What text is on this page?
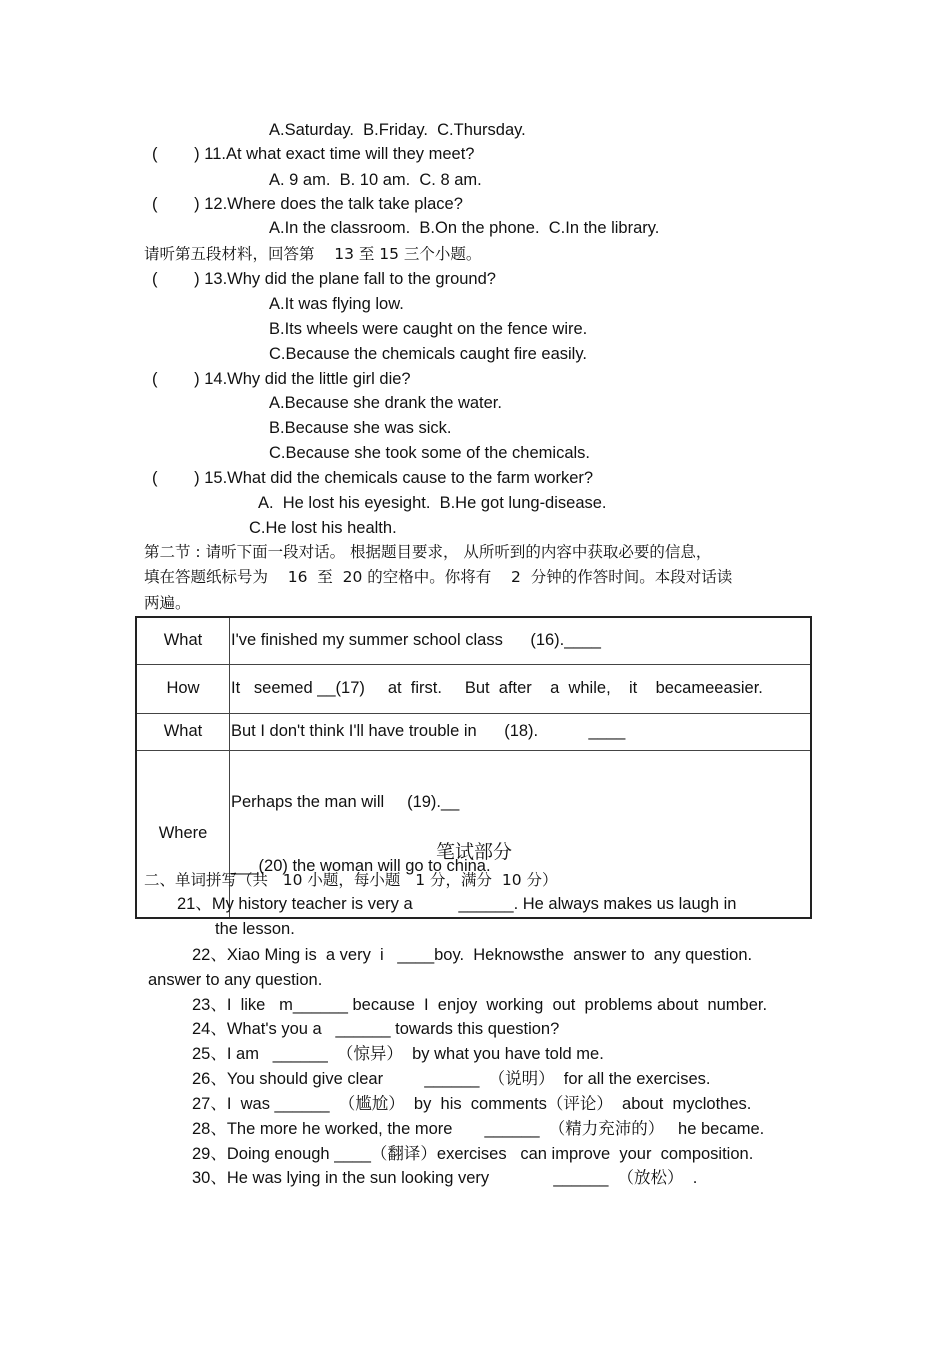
A.Saturday.  B.Friday.  C.Thursday.
(        ) 11.At what exact time will they meet?
A. 9 am.  B. 10 am.  C. 8 am.
(        ) 12.Where does the talk take place?
A.In the classroom.  B.On the phone.  C.In the library.
请听第五段材料，回答第    13 至 15 三个小题。
(        ) 13.Why did the plane fall to the ground?
A.It was flying low.
B.Its wheels were caught on the fence wire.
C.Because the chemicals caught fire easily.
(        ) 14.Why did the little girl die?
A.Because she drank the water.
B.Because she was sick.
C.Because she took some of the chemicals.
(        ) 15.What did the chemicals cause to the farm worker?
A.  He lost his eyesight.  B.He got lung-disease.
C.He lost his health.
第二节 : 请听下面一段对话。 根据题目要求， 从所听到的内容中获取必要的信息，
填在答题纸标号为    16  至  20 的空格中。你将有    2  分钟的作答时间。本段对话读
两遍。
What	I've finished my summer school class      (16).____
How	It   seemed __(17)     at  first.     But  after    a  while,    it    becameeasier.
What	But I don't think I'll have trouble in      (18).           ____
Where	Perhaps the man will     (19).__

___(20) the woman will go to china.

笔试部分
二、单词拼写（共   10 小题，每小题   1 分，满分  10 分）
21、My history teacher is very a          ______. He always makes us laugh in
the lesson.
22、Xiao Ming is  a very  i   ____boy.  Heknowsthe  answer to  any question.
answer to any question.
23、I  like   m______ because  I  enjoy  working  out  problems about  number.
24、What's you a   ______ towards this question?
25、I am   ______  （惊异）  by what you have told me.
26、You should give clear         ______  （说明）  for all the exercises.
27、I  was ______  （尴尬）  by  his  comments（评论）  about  myclothes.
28、The more he worked, the more       ______  （精力充沛的）   he became.
29、Doing enough ____（翻译）exercises   can improve  your  composition.
30、He was lying in the sun looking very              ______  （放松）  .
